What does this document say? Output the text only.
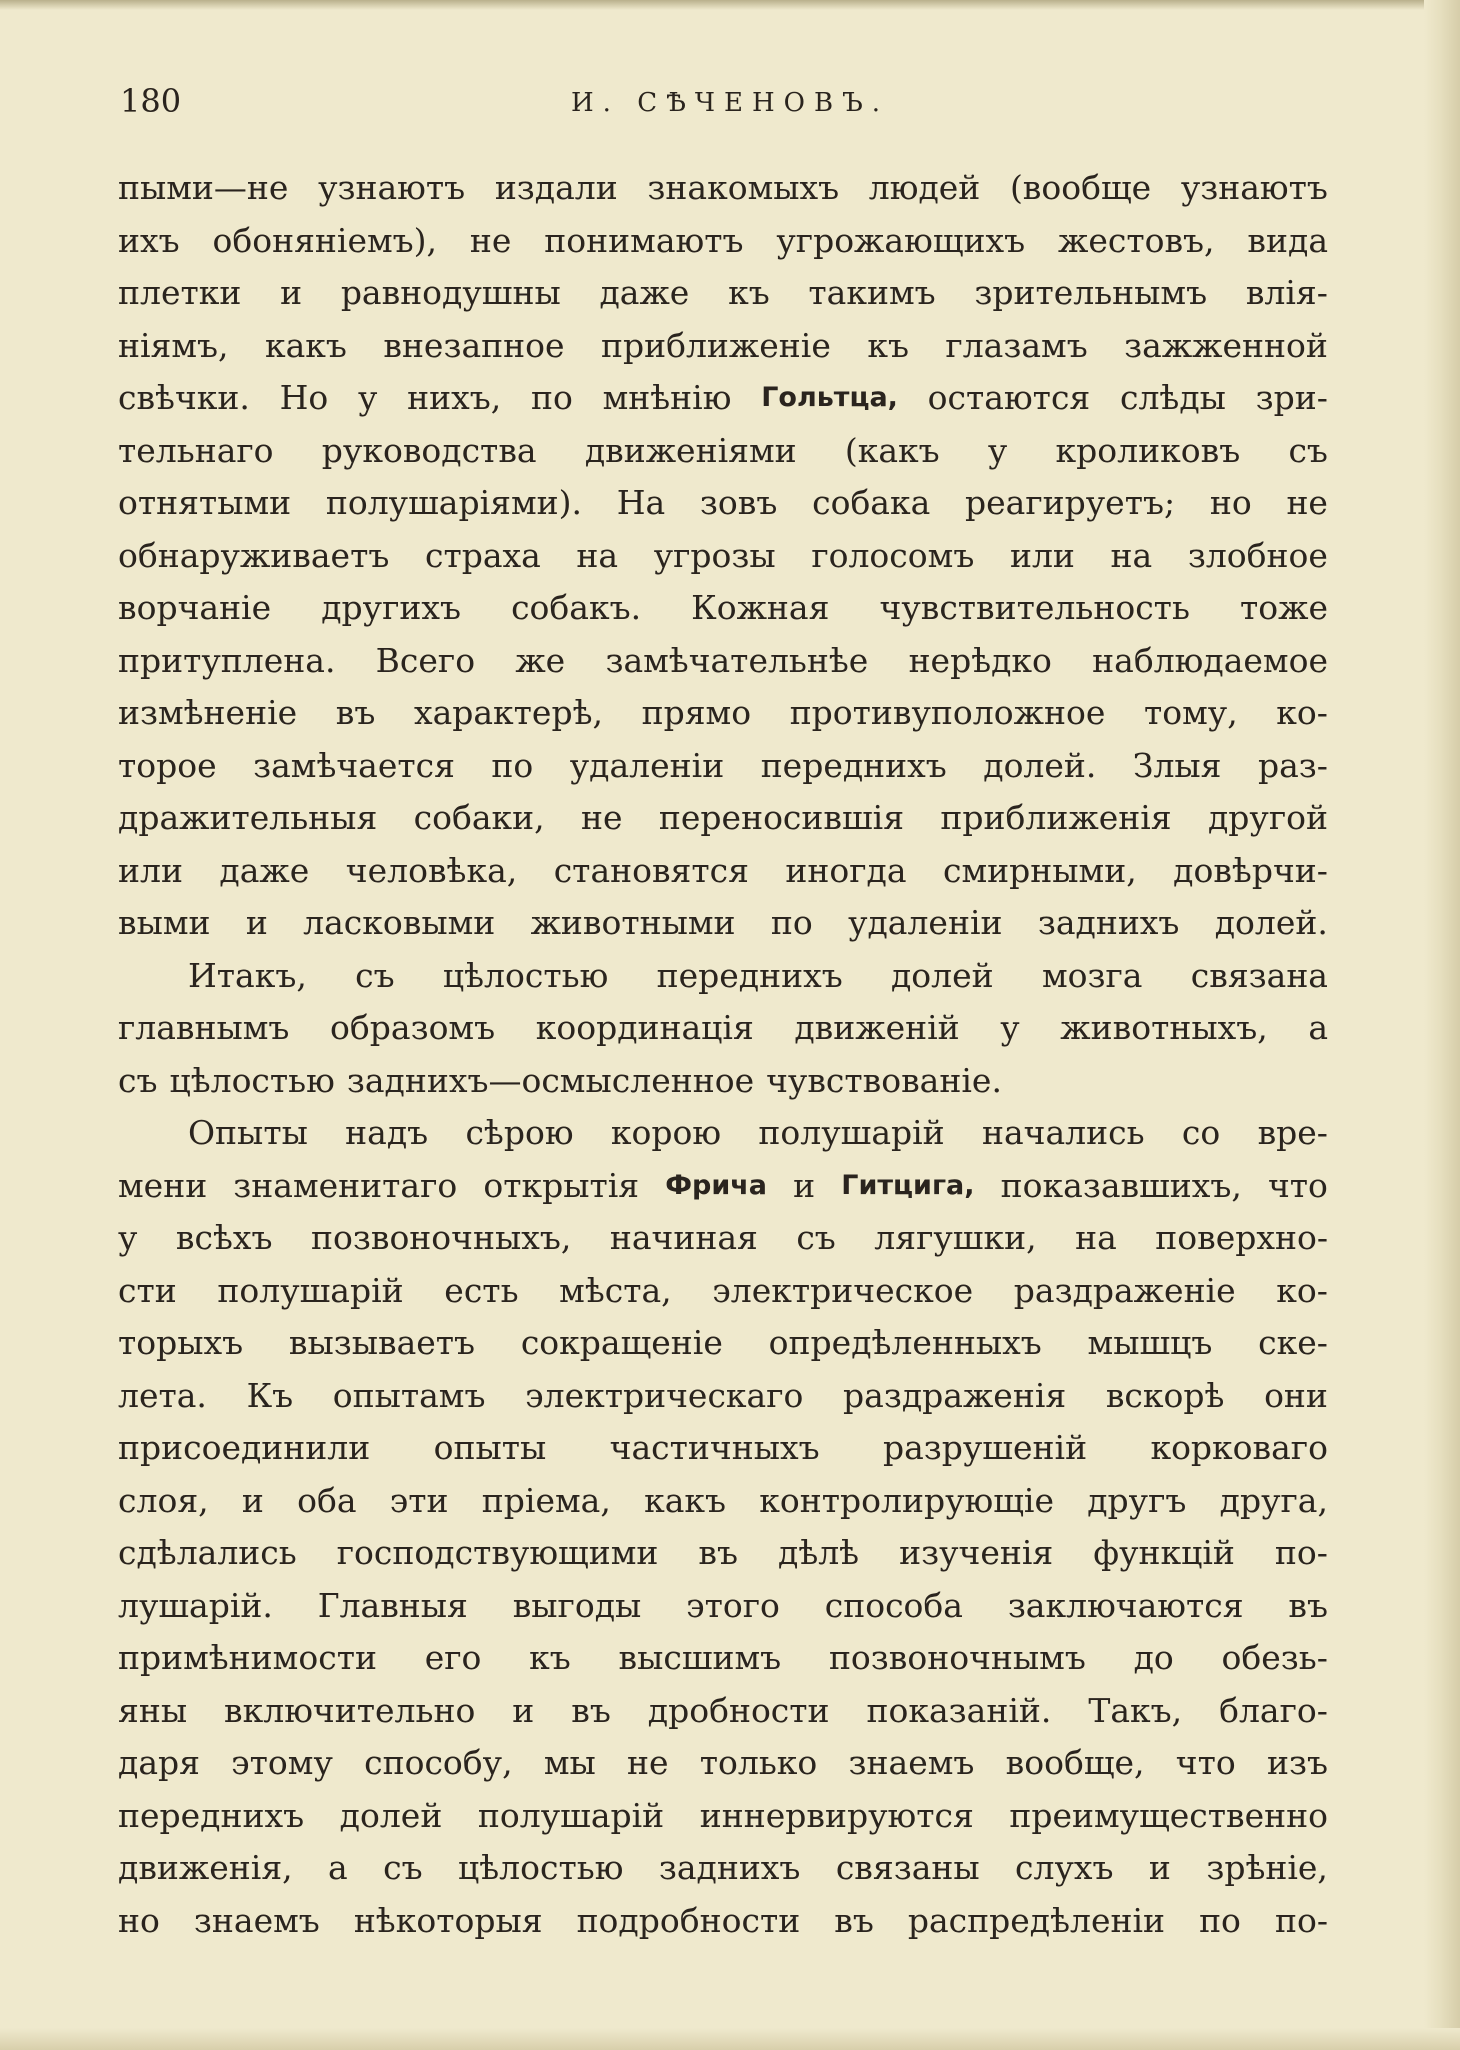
180	И. СѢЧЕНОВЪ.
пыми—не узнаютъ издали знакомыхъ людей (вообще узнаютъ
ихъ обоняніемъ), не понимаютъ угрожающихъ жестовъ, вида
плетки и равнодушны даже къ такимъ зрительнымъ влія-
ніямъ, какъ внезапное приближеніе къ глазамъ зажженной
свѣчки. Но у нихъ, по мнѣнію Гольтца, остаются слѣды зри-
тельнаго руководства движеніями (какъ у кроликовъ съ
отнятыми полушаріями). На зовъ собака реагируетъ; но не
обнаруживаетъ страха на угрозы голосомъ или на злобное
ворчаніе другихъ собакъ. Кожная чувствительность тоже
притуплена. Всего же замѣчательнѣе нерѣдко наблюдаемое
измѣненіе въ характерѣ, прямо противуположное тому, ко-
торое замѣчается по удаленіи переднихъ долей. Злыя раз-
дражительныя собаки, не переносившія приближенія другой
или даже человѣка, становятся иногда смирными, довѣрчи-
выми и ласковыми животными по удаленіи заднихъ долей.
Итакъ, съ цѣлостью переднихъ долей мозга связана
главнымъ образомъ координація движеній у животныхъ, а
съ цѣлостью заднихъ—осмысленное чувствованіе.
Опыты надъ сѣрою корою полушарій начались со вре-
мени знаменитаго открытія Фрича и Гитцига, показавшихъ, что
у всѣхъ позвоночныхъ, начиная съ лягушки, на поверхно-
сти полушарій есть мѣста, электрическое раздраженіе ко-
торыхъ вызываетъ сокращеніе опредѣленныхъ мышцъ ске-
лета. Къ опытамъ электрическаго раздраженія вскорѣ они
присоединили опыты частичныхъ разрушеній корковаго
слоя, и оба эти пріема, какъ контролирующіе другъ друга,
сдѣлались господствующими въ дѣлѣ изученія функцій по-
лушарій. Главныя выгоды этого способа заключаются въ
примѣнимости его къ высшимъ позвоночнымъ до обезь-
яны включительно и въ дробности показаній. Такъ, благо-
даря этому способу, мы не только знаемъ вообще, что изъ
переднихъ долей полушарій иннервируются преимущественно
движенія, а съ цѣлостью заднихъ связаны слухъ и зрѣніе,
но знаемъ нѣкоторыя подробности въ распредѣленіи по по-
